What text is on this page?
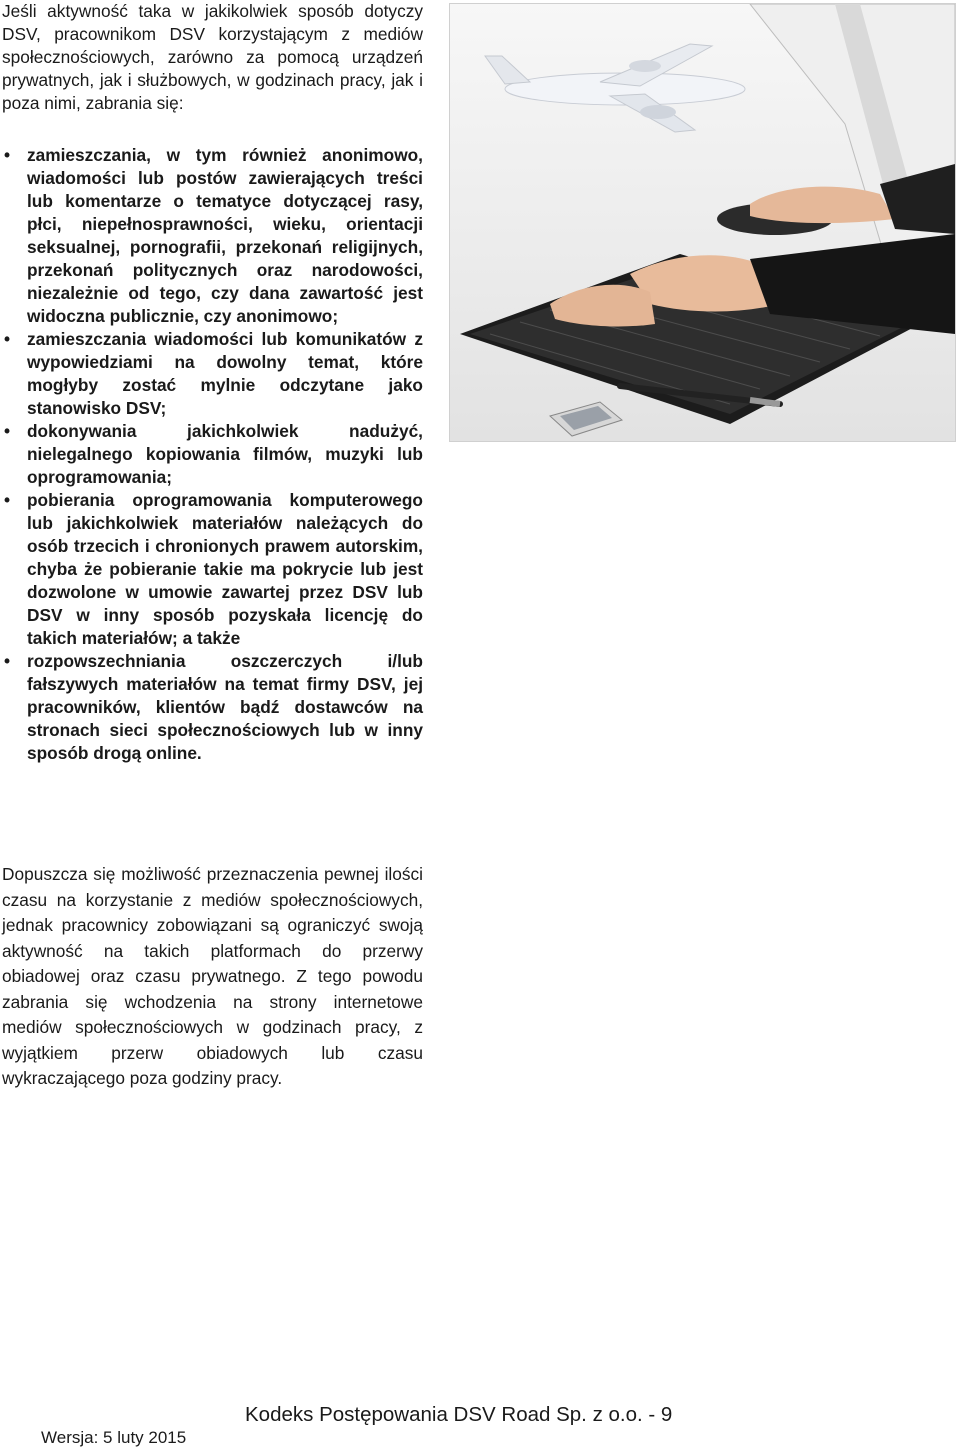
Jeśli aktywność taka w jakikolwiek sposób dotyczy DSV, pracownikom DSV korzystającym z mediów społecznościowych, zarówno za pomocą urządzeń prywatnych, jak i służbowych, w godzinach pracy, jak i poza nimi, zabrania się:
• zamieszczania, w tym również anonimowo, wiadomości lub postów zawierających treści lub komentarze o tematyce dotyczącej rasy, płci, niepełnosprawności, wieku, orientacji seksualnej, pornografii, przekonań religijnych, przekonań politycznych oraz narodowości, niezależnie od tego, czy dana zawartość jest widoczna publicznie, czy anonimowo;
• zamieszczania wiadomości lub komunikatów z wypowiedziami na dowolny temat, które mogłyby zostać mylnie odczytane jako stanowisko DSV;
• dokonywania jakichkolwiek nadużyć, nielegalnego kopiowania filmów, muzyki lub oprogramowania;
• pobierania oprogramowania komputerowego lub jakichkolwiek materiałów należących do osób trzecich i chronionych prawem autorskim, chyba że pobieranie takie ma pokrycie lub jest dozwolone w umowie zawartej przez DSV lub DSV w inny sposób pozyskała licencję do takich materiałów; a także
• rozpowszechniania oszczerczych i/lub fałszywych materiałów na temat firmy DSV, jej pracowników, klientów bądź dostawców na stronach sieci społecznościowych lub w inny sposób drogą online.
Dopuszcza się możliwość przeznaczenia pewnej ilości czasu na korzystanie z mediów społecznościowych, jednak pracownicy zobowiązani są ograniczyć swoją aktywność na takich platformach do przerwy obiadowej oraz czasu prywatnego. Z tego powodu zabrania się wchodzenia na strony internetowe mediów społecznościowych w godzinach pracy, z wyjątkiem przerw obiadowych lub czasu wykraczającego poza godziny pracy.
Kodeks Postępowania DSV Road Sp. z o.o. - 9
Wersja: 5 luty 2015
